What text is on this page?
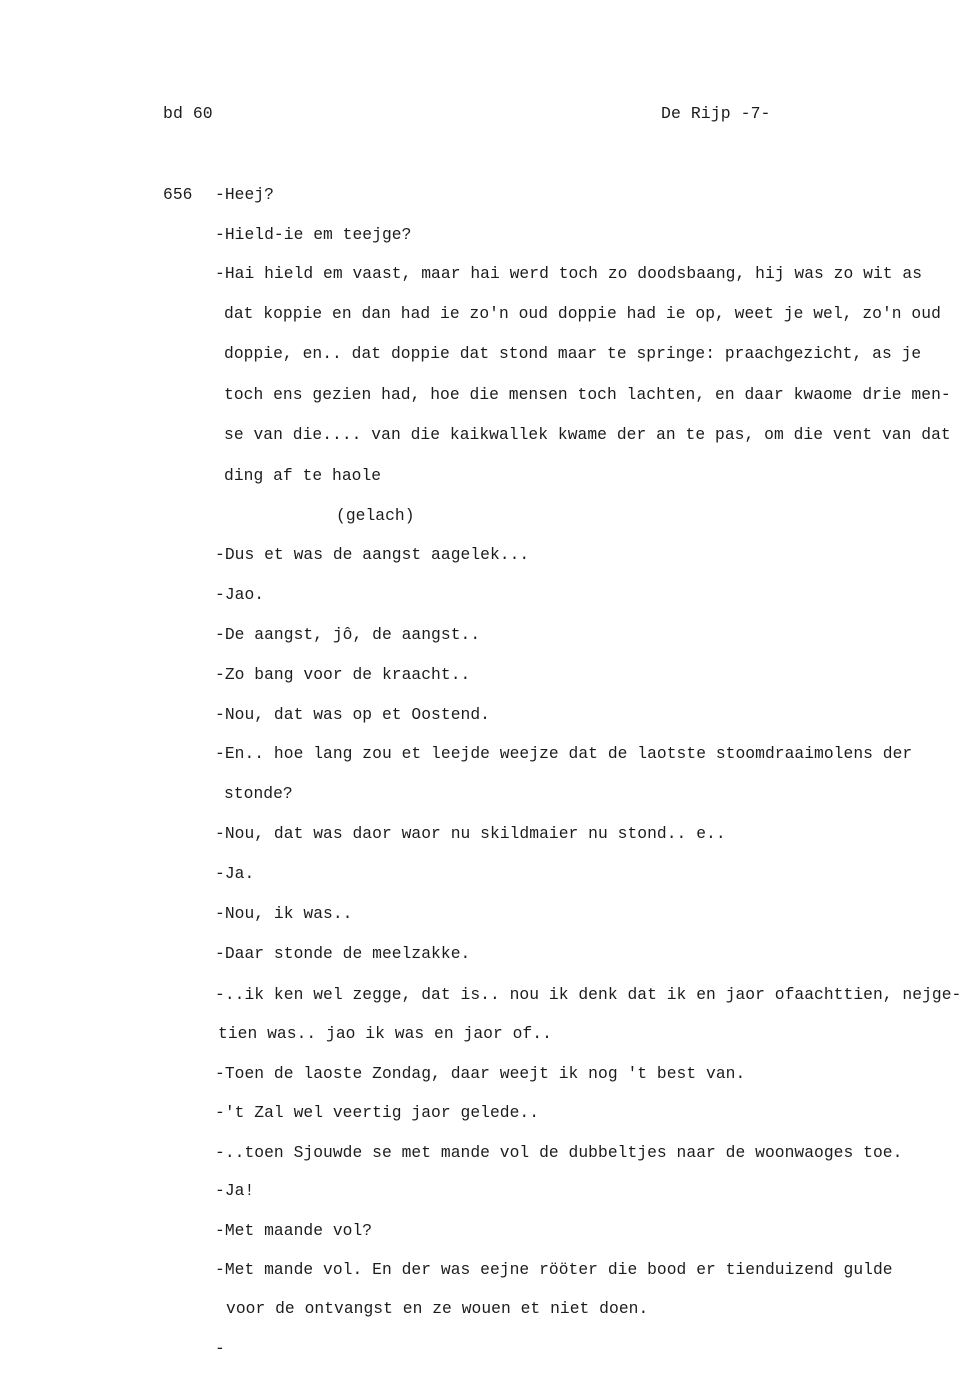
bd 60	De Rijp -7-
656 -Heej?
-Hield-ie em teejge?
-Hai hield em vaast, maar hai werd toch zo doodsbaang, hij was zo wit as
dat koppie en dan had ie zo'n oud doppie had ie op, weet je wel, zo'n oud
doppie, en.. dat doppie dat stond maar te springe: praachgezicht, as je
toch ens gezien had, hoe die mensen toch lachten, en daar kwaome drie men-
se van die.... van die kaikwallek kwame der an te pas, om die vent van dat
ding af te haole
(gelach)
-Dus et was de aangst aagelek...
-Jao.
-De aangst, jô, de aangst..
-Zo bang voor de kraacht..
-Nou, dat was op et Oostend.
-En.. hoe lang zou et leejde weejze dat de laotste stoomdraaimolens der
stonde?
-Nou, dat was daor waor nu skildmaier nu stond.. e..
-Ja.
-Nou, ik was..
-Daar stonde de meelzakke.
-..ik ken wel zegge, dat is.. nou ik denk dat ik en jaor ofaachttien, nejge-
tien was.. jao ik was en jaor of..
-Toen de laoste Zondag, daar weejt ik nog 't best van.
-'t Zal wel veertig jaor gelede..
-..toen Sjouwde se met mande vol de dubbeltjes naar de woonwaoges toe.
-Ja!
-Met maande vol?
-Met mande vol. En der was eejne rööter die bood er tienduizend gulde
voor de ontvangst en ze wouen et niet doen.
-
